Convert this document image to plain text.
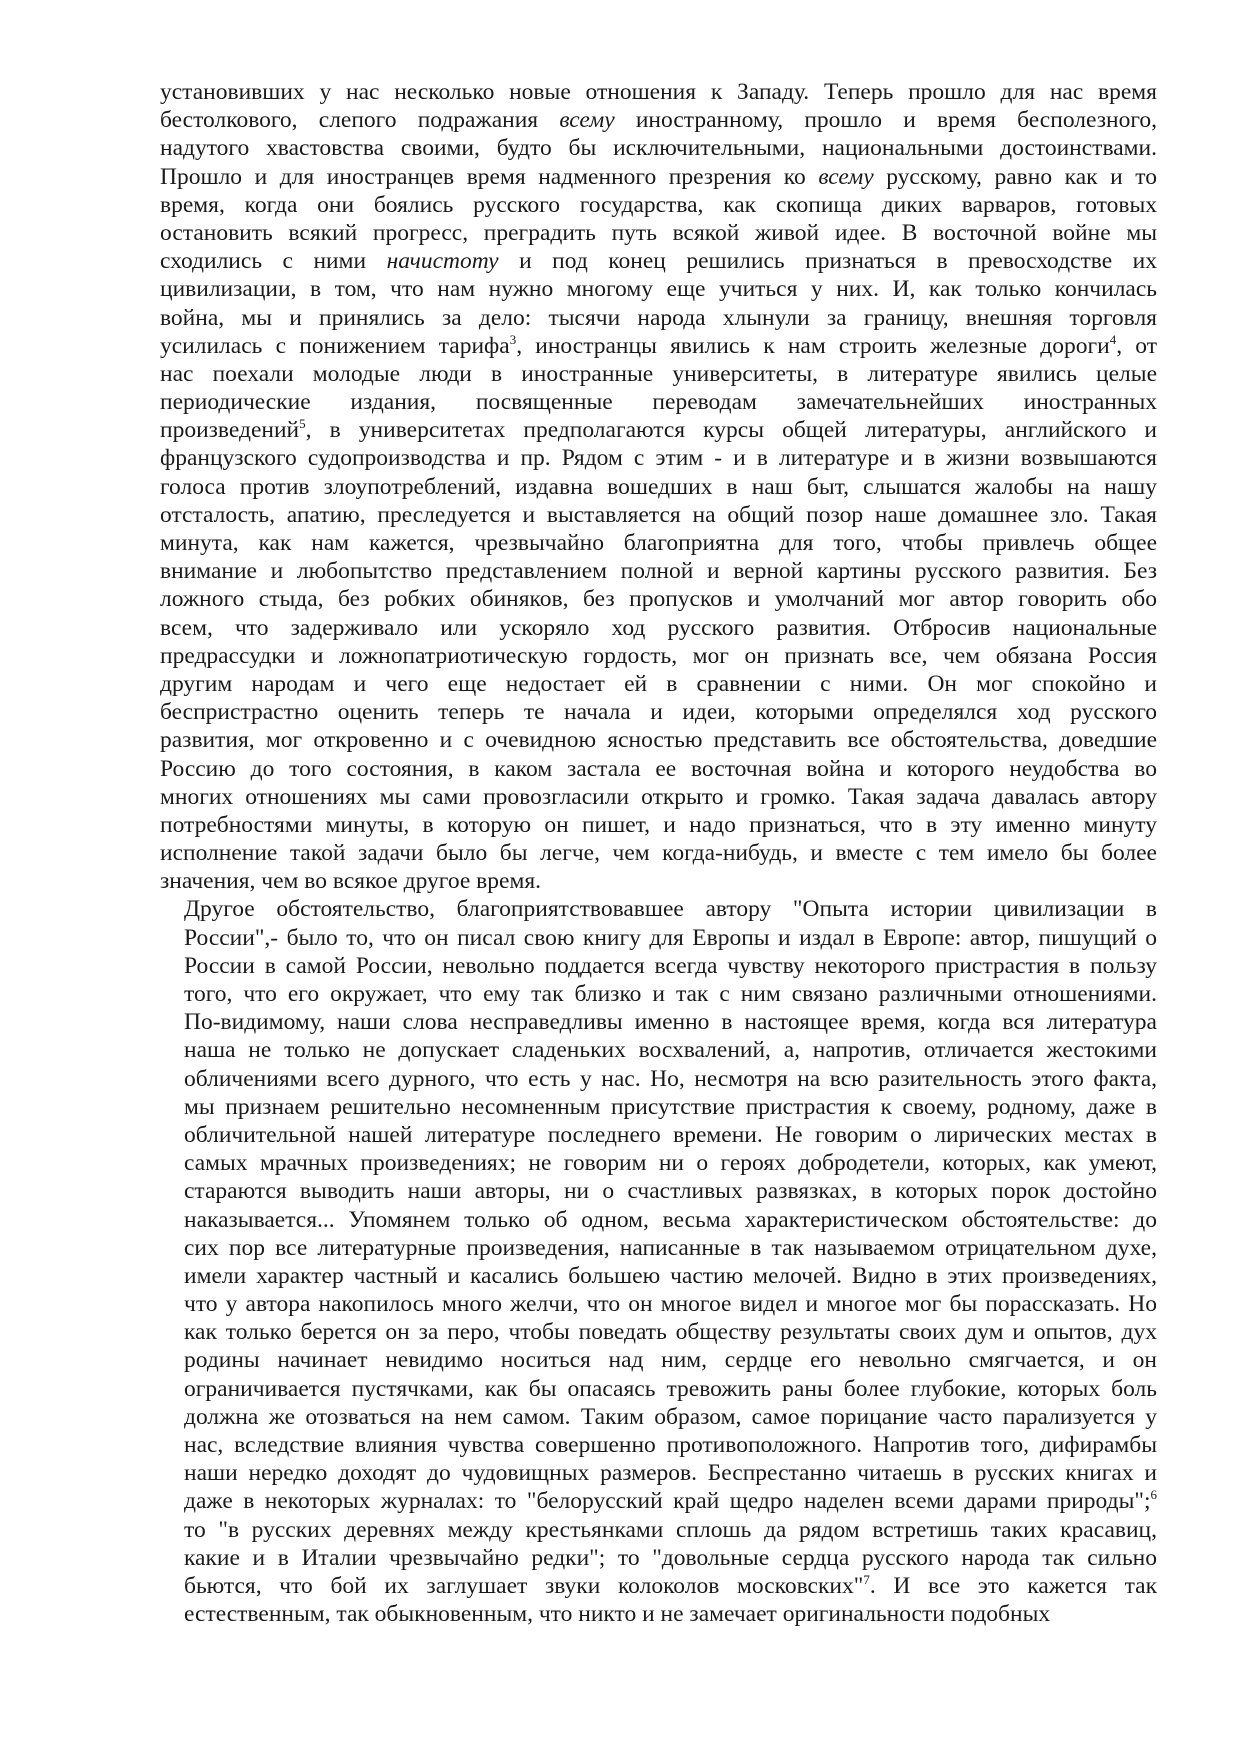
установивших у нас несколько новые отношения к Западу. Теперь прошло для нас время
бестолкового, слепого подражания всему иностранному, прошло и время бесполезного,
надутого хвастовства своими, будто бы исключительными, национальными достоинствами.
Прошло и для иностранцев время надменного презрения ко всему русскому, равно как и то
время, когда они боялись русского государства, как скопища диких варваров, готовых
остановить всякий прогресс, преградить путь всякой живой идее. В восточной войне мы
сходились с ними начистоту и под конец решились признаться в превосходстве их
цивилизации, в том, что нам нужно многому еще учиться у них. И, как только кончилась
война, мы и принялись за дело: тысячи народа хлынули за границу, внешняя торговля
усилилась с понижением тарифа$^3$, иностранцы явились к нам строить железные дороги$^4$, от
нас поехали молодые люди в иностранные университеты, в литературе явились целые
периодические издания, посвященные переводам замечательнейших иностранных
произведений$^5$, в университетах предполагаются курсы общей литературы, английского и
французского судопроизводства и пр. Рядом с этим - и в литературе и в жизни возвышаются
голоса против злоупотреблений, издавна вошедших в наш быт, слышатся жалобы на нашу
отсталость, апатию, преследуется и выставляется на общий позор наше домашнее зло. Такая
минута, как нам кажется, чрезвычайно благоприятна для того, чтобы привлечь общее
внимание и любопытство представлением полной и верной картины русского развития. Без
ложного стыда, без робких обиняков, без пропусков и умолчаний мог автор говорить обо
всем, что задерживало или ускоряло ход русского развития. Отбросив национальные
предрассудки и ложнопатриотическую гордость, мог он признать все, чем обязана Россия
другим народам и чего еще недостает ей в сравнении с ними. Он мог спокойно и
беспристрастно оценить теперь те начала и идеи, которыми определялся ход русского
развития, мог откровенно и с очевидною ясностью представить все обстоятельства, доведшие
Россию до того состояния, в каком застала ее восточная война и которого неудобства во
многих отношениях мы сами провозгласили открыто и громко. Такая задача давалась автору
потребностями минуты, в которую он пишет, и надо признаться, что в эту именно минуту
исполнение такой задачи было бы легче, чем когда-нибудь, и вместе с тем имело бы более
значения, чем во всякое другое время.
Другое обстоятельство, благоприятствовавшее автору "Опыта истории цивилизации в
России",- было то, что он писал свою книгу для Европы и издал в Европе: автор, пишущий о
России в самой России, невольно поддается всегда чувству некоторого пристрастия в пользу
того, что его окружает, что ему так близко и так с ним связано различными отношениями.
По-видимому, наши слова несправедливы именно в настоящее время, когда вся литература
наша не только не допускает сладеньких восхвалений, а, напротив, отличается жестокими
обличениями всего дурного, что есть у нас. Но, несмотря на всю разительность этого факта,
мы признаем решительно несомненным присутствие пристрастия к своему, родному, даже в
обличительной нашей литературе последнего времени. Не говорим о лирических местах в
самых мрачных произведениях; не говорим ни о героях добродетели, которых, как умеют,
стараются выводить наши авторы, ни о счастливых развязках, в которых порок достойно
наказывается... Упомянем только об одном, весьма характеристическом обстоятельстве: до
сих пор все литературные произведения, написанные в так называемом отрицательном духе,
имели характер частный и касались большею частию мелочей. Видно в этих произведениях,
что у автора накопилось много желчи, что он многое видел и многое мог бы порассказать. Но
как только берется он за перо, чтобы поведать обществу результаты своих дум и опытов, дух
родины начинает невидимо носиться над ним, сердце его невольно смягчается, и он
ограничивается пустячками, как бы опасаясь тревожить раны более глубокие, которых боль
должна же отозваться на нем самом. Таким образом, самое порицание часто парализуется у
нас, вследствие влияния чувства совершенно противоположного. Напротив того, дифирамбы
наши нередко доходят до чудовищных размеров. Беспрестанно читаешь в русских книгах и
даже в некоторых журналах: то "белорусский край щедро наделен всеми дарами природы";$^6$
то "в русских деревнях между крестьянками сплошь да рядом встретишь таких красавиц,
какие и в Италии чрезвычайно редки"; то "довольные сердца русского народа так сильно
бьются, что бой их заглушает звуки колоколов московских"$^7$. И все это кажется так
естественным, так обыкновенным, что никто и не замечает оригинальности подобных
